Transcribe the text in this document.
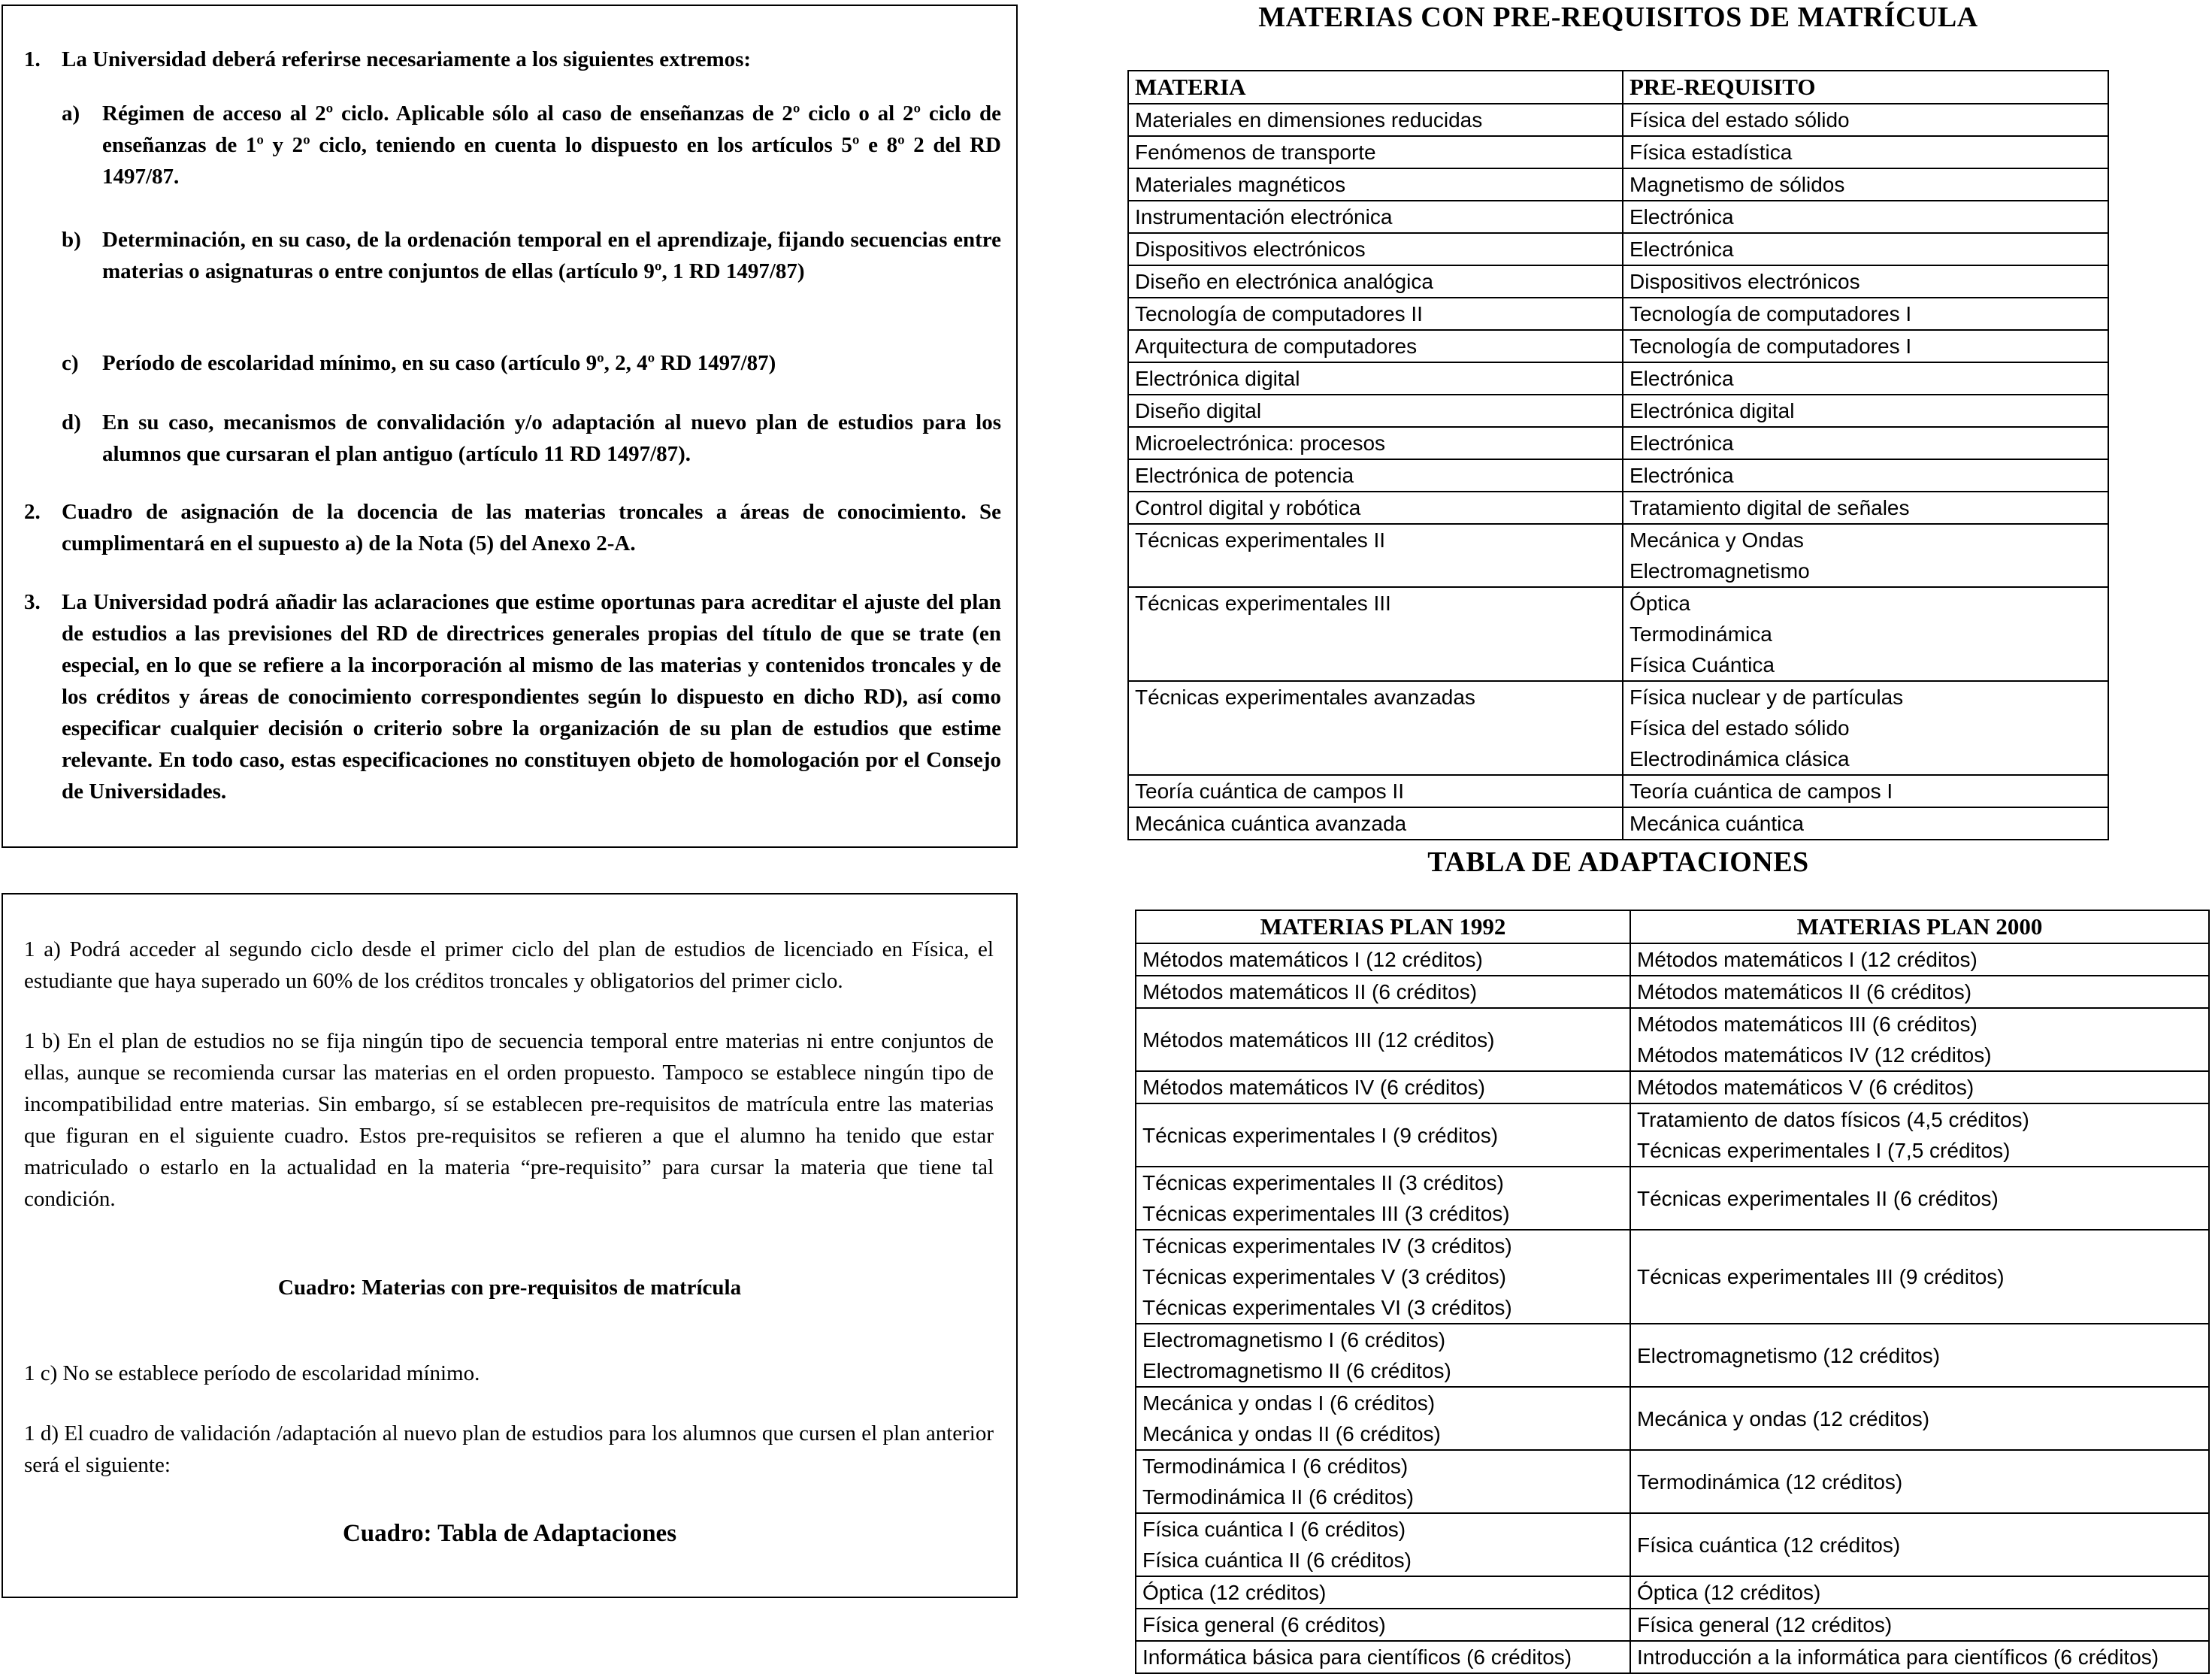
1. La Universidad deberá referirse necesariamente a los siguientes extremos:
a) Régimen de acceso al 2º ciclo. Aplicable sólo al caso de enseñanzas de 2º ciclo o al 2º ciclo de enseñanzas de 1º y 2º ciclo, teniendo en cuenta lo dispuesto en los artículos 5º e 8º 2 del RD 1497/87.
b) Determinación, en su caso, de la ordenación temporal en el aprendizaje, fijando secuencias entre materias o asignaturas o entre conjuntos de ellas (artículo 9º, 1 RD 1497/87)
c) Período de escolaridad mínimo, en su caso (artículo 9º, 2, 4º RD 1497/87)
d) En su caso, mecanismos de convalidación y/o adaptación al nuevo plan de estudios para los alumnos que cursaran el plan antiguo (artículo 11 RD 1497/87).
2. Cuadro de asignación de la docencia de las materias troncales a áreas de conocimiento. Se cumplimentará en el supuesto a) de la Nota (5) del Anexo 2-A.
3. La Universidad podrá añadir las aclaraciones que estime oportunas para acreditar el ajuste del plan de estudios a las previsiones del RD de directrices generales propias del título de que se trate (en especial, en lo que se refiere a la incorporación al mismo de las materias y contenidos troncales y de los créditos y áreas de conocimiento correspondientes según lo dispuesto en dicho RD), así como especificar cualquier decisión o criterio sobre la organización de su plan de estudios que estime relevante. En todo caso, estas especificaciones no constituyen objeto de homologación por el Consejo de Universidades.
1 a) Podrá acceder al segundo ciclo desde el primer ciclo del plan de estudios de licenciado en Física, el estudiante que haya superado un 60% de los créditos troncales y obligatorios del primer ciclo.
1 b) En el plan de estudios no se fija ningún tipo de secuencia temporal entre materias ni entre conjuntos de ellas, aunque se recomienda cursar las materias en el orden propuesto. Tampoco se establece ningún tipo de incompatibilidad entre materias. Sin embargo, sí se establecen pre-requisitos de matrícula entre las materias que figuran en el siguiente cuadro. Estos pre-requisitos se refieren a que el alumno ha tenido que estar matriculado o estarlo en la actualidad en la materia “pre-requisito” para cursar la materia que tiene tal condición.
Cuadro: Materias con pre-requisitos de matrícula
1 c) No se establece período de escolaridad mínimo.
1 d) El cuadro de validación /adaptación al nuevo plan de estudios para los alumnos que cursen el plan anterior será el siguiente:
Cuadro: Tabla de Adaptaciones
MATERIAS CON PRE-REQUISITOS DE MATRÍCULA
MATERIA	PRE-REQUISITO
Materiales en dimensiones reducidas	Física del estado sólido

Fenómenos de transporte	Física estadística

Materiales magnéticos	Magnetismo de sólidos

Instrumentación electrónica	Electrónica

Dispositivos electrónicos	Electrónica

Diseño en electrónica analógica	Dispositivos electrónicos

Tecnología de computadores II	Tecnología de computadores I

Arquitectura de computadores	Tecnología de computadores I

Electrónica digital	Electrónica

Diseño digital	Electrónica digital

Microelectrónica: procesos	Electrónica

Electrónica de potencia	Electrónica

Control digital y robótica	Tratamiento digital de señales

Técnicas experimentales II	Mecánica y Ondas
Electromagnetismo

Técnicas experimentales III	Óptica
Termodinámica
Física Cuántica

Técnicas experimentales avanzadas	Física nuclear y de partículas
Física del estado sólido
Electrodinámica clásica

Teoría cuántica de campos II	Teoría cuántica de campos I

Mecánica cuántica avanzada	Mecánica cuántica
TABLA DE ADAPTACIONES
MATERIAS PLAN 1992	MATERIAS PLAN 2000

Métodos matemáticos I (12 créditos)	Métodos matemáticos I (12 créditos)

Métodos matemáticos II (6 créditos)	Métodos matemáticos II (6 créditos)

Métodos matemáticos III (12 créditos)	Métodos matemáticos III (6 créditos)
Métodos matemáticos IV (12 créditos)

Métodos matemáticos IV (6 créditos)	Métodos matemáticos V (6 créditos)

Técnicas experimentales I (9 créditos)	Tratamiento de datos físicos (4,5 créditos)
Técnicas experimentales I (7,5 créditos)

Técnicas experimentales II (3 créditos)
Técnicas experimentales III (3 créditos)	Técnicas experimentales II (6 créditos)

Técnicas experimentales IV (3 créditos)
Técnicas experimentales V (3 créditos)
Técnicas experimentales VI (3 créditos)	Técnicas experimentales III (9 créditos)

Electromagnetismo I (6 créditos)
Electromagnetismo II (6 créditos)	Electromagnetismo (12 créditos)

Mecánica y ondas I (6 créditos)
Mecánica y ondas II (6 créditos)	Mecánica y ondas (12 créditos)

Termodinámica I (6 créditos)
Termodinámica II (6 créditos)	Termodinámica (12 créditos)

Física cuántica I (6 créditos)
Física cuántica II (6 créditos)	Física cuántica (12 créditos)

Óptica (12 créditos)	Óptica (12 créditos)

Física general (6 créditos)	Física general (12 créditos)

Informática básica para científicos (6 créditos)	Introducción a la informática para científicos (6 créditos)
